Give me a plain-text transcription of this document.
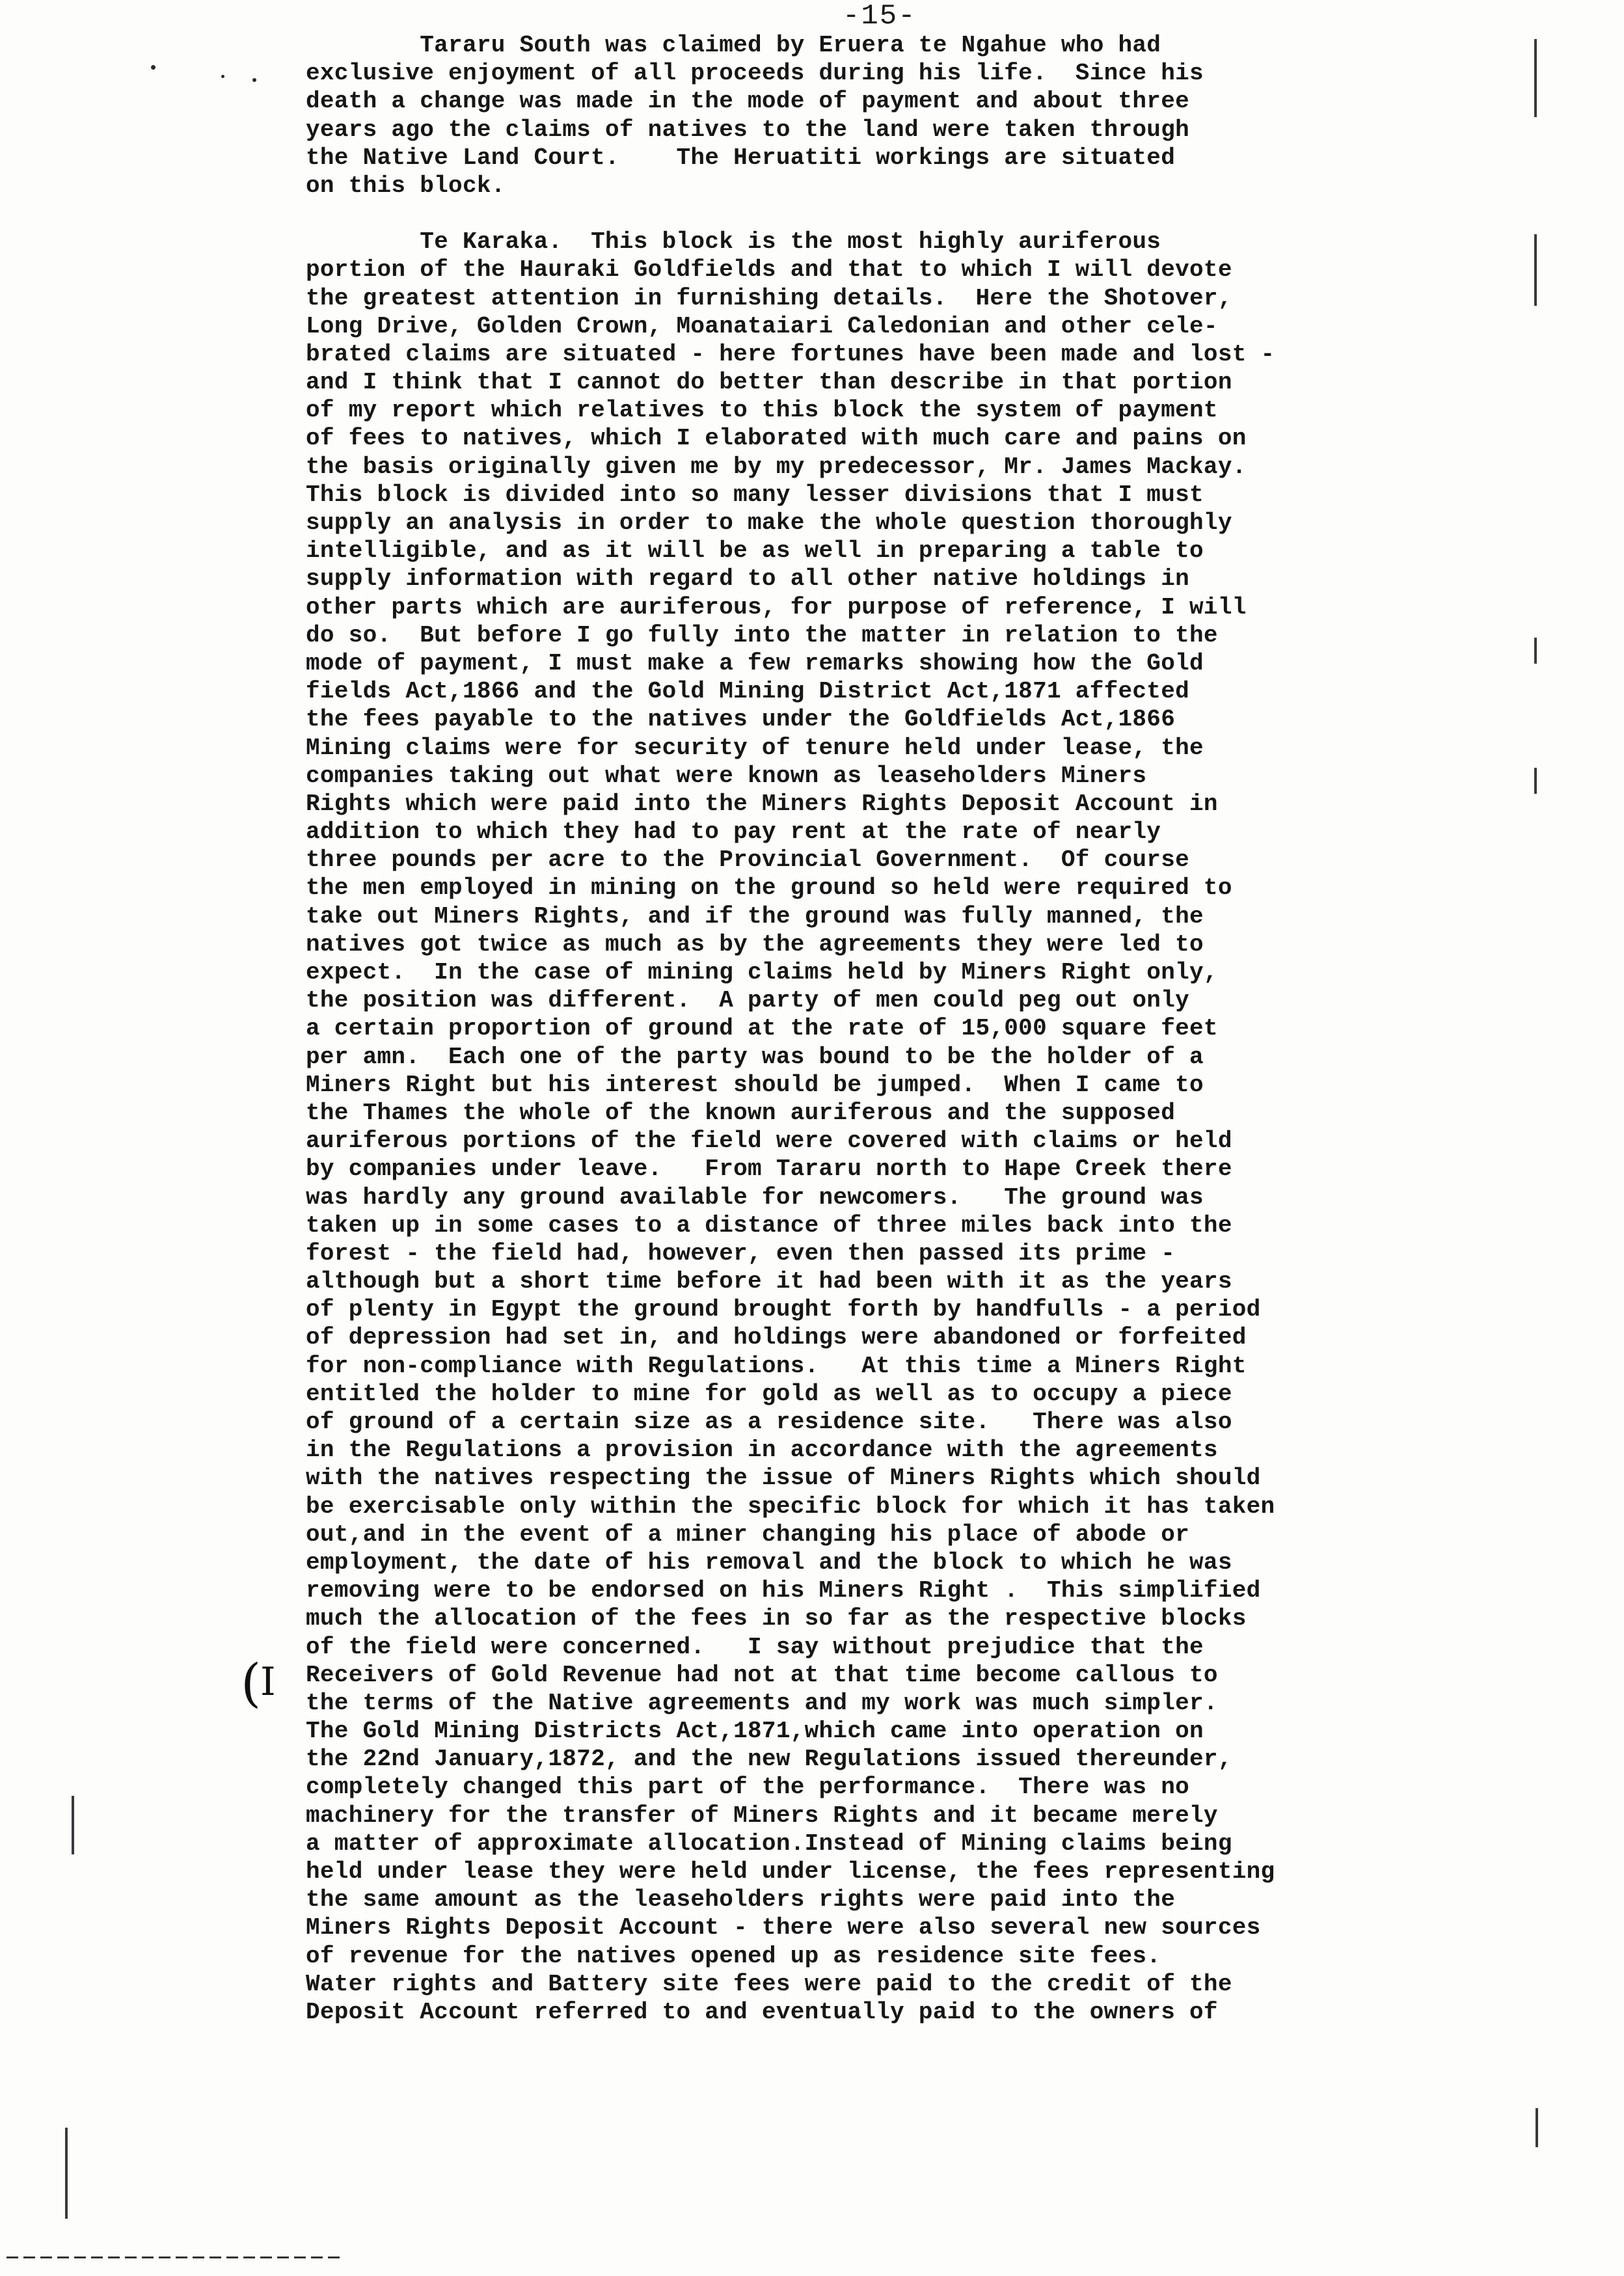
-15-
Tararu South was claimed by Eruera te Ngahue who had
exclusive enjoyment of all proceeds during his life.  Since his
death a change was made in the mode of payment and about three
years ago the claims of natives to the land were taken through
the Native Land Court.    The Heruatiti workings are situated
on this block.
Te Karaka.  This block is the most highly auriferous
portion of the Hauraki Goldfields and that to which I will devote
the greatest attention in furnishing details.  Here the Shotover,
Long Drive, Golden Crown, Moanataiari Caledonian and other cele-
brated claims are situated - here fortunes have been made and lost -
and I think that I cannot do better than describe in that portion
of my report which relatives to this block the system of payment
of fees to natives, which I elaborated with much care and pains on
the basis originally given me by my predecessor, Mr. James Mackay.
This block is divided into so many lesser divisions that I must
supply an analysis in order to make the whole question thoroughly
intelligible, and as it will be as well in preparing a table to
supply information with regard to all other native holdings in
other parts which are auriferous, for purpose of reference, I will
do so.  But before I go fully into the matter in relation to the
mode of payment, I must make a few remarks showing how the Gold
fields Act,1866 and the Gold Mining District Act,1871 affected
the fees payable to the natives under the Goldfields Act,1866
Mining claims were for security of tenure held under lease, the
companies taking out what were known as leaseholders Miners
Rights which were paid into the Miners Rights Deposit Account in
addition to which they had to pay rent at the rate of nearly
three pounds per acre to the Provincial Government.  Of course
the men employed in mining on the ground so held were required to
take out Miners Rights, and if the ground was fully manned, the
natives got twice as much as by the agreements they were led to
expect.  In the case of mining claims held by Miners Right only,
the position was different.  A party of men could peg out only
a certain proportion of ground at the rate of 15,000 square feet
per amn.  Each one of the party was bound to be the holder of a
Miners Right but his interest should be jumped.  When I came to
the Thames the whole of the known auriferous and the supposed
auriferous portions of the field were covered with claims or held
by companies under leave.   From Tararu north to Hape Creek there
was hardly any ground available for newcomers.   The ground was
taken up in some cases to a distance of three miles back into the
forest - the field had, however, even then passed its prime -
although but a short time before it had been with it as the years
of plenty in Egypt the ground brought forth by handfulls - a period
of depression had set in, and holdings were abandoned or forfeited
for non-compliance with Regulations.   At this time a Miners Right
entitled the holder to mine for gold as well as to occupy a piece
of ground of a certain size as a residence site.   There was also
in the Regulations a provision in accordance with the agreements
with the natives respecting the issue of Miners Rights which should
be exercisable only within the specific block for which it has taken
out,and in the event of a miner changing his place of abode or
employment, the date of his removal and the block to which he was
removing were to be endorsed on his Miners Right .  This simplified
much the allocation of the fees in so far as the respective blocks
of the field were concerned.   I say without prejudice that the
Receivers of Gold Revenue had not at that time become callous to
the terms of the Native agreements and my work was much simpler.
The Gold Mining Districts Act,1871,which came into operation on
the 22nd January,1872, and the new Regulations issued thereunder,
completely changed this part of the performance.  There was no
machinery for the transfer of Miners Rights and it became merely
a matter of approximate allocation.Instead of Mining claims being
held under lease they were held under license, the fees representing
the same amount as the leaseholders rights were paid into the
Miners Rights Deposit Account - there were also several new sources
of revenue for the natives opened up as residence site fees.
Water rights and Battery site fees were paid to the credit of the
Deposit Account referred to and eventually paid to the owners of
(
I
